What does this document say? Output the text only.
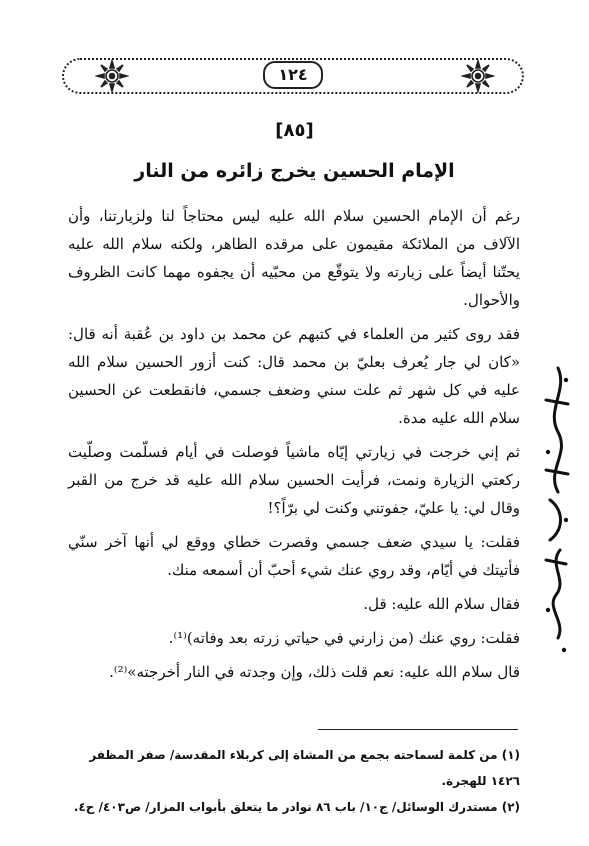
١٢٤
[٨٥]
الإمام الحسين يخرج زائره من النار

رغم أن الإمام الحسين سلام الله عليه ليس محتاجاً لنا ولزيارتنا، وأن الآلاف من الملائكة مقيمون على مرقده الطاهر، ولكنه سلام الله عليه يحتّنا أيضاً على زيارته ولا يتوقّع من محبّيه أن يجفوه مهما كانت الظروف والأحوال.

فقد روى كثير من العلماء في كتبهم عن محمد بن داود بن عُقبة أنه قال: «كان لي جار يُعرف بعليّ بن محمد قال: كنت أزور الحسين سلام الله عليه في كل شهر ثم علت سني وضعف جسمي، فانقطعت عن الحسين سلام الله عليه مدة.

ثم إني خرجت في زيارتي إيّاه ماشياً فوصلت في أيام فسلّمت وصلّيت ركعتي الزيارة ونمت، فرأيت الحسين سلام الله عليه قد خرج من القبر وقال لي: يا عليّ، جفوتني وكنت لي برّاً؟!

فقلت: يا سيدي ضعف جسمي وقصرت خطاي ووقع لي أنها آخر سنّي فأتيتك في أيّام، وقد روي عنك شيء أحبّ أن أسمعه منك.

فقال سلام الله عليه: قل.

فقلت: روي عنك (من زارني في حياتي زرته بعد وفاته)⁽¹⁾.

قال سلام الله عليه: نعم قلت ذلك، وإن وجدته في النار أخرجته»⁽²⁾.

(١) من كلمة لسماحته بجمع من المشاة إلى كربلاء المقدسة/ صفر المظفر ١٤٢٦ للهجرة.

(٢) مستدرك الوسائل/ ج١٠/ باب ٨٦ نوادر ما يتعلق بأبواب المزار/ ص٤٠٣/ ح٤.
